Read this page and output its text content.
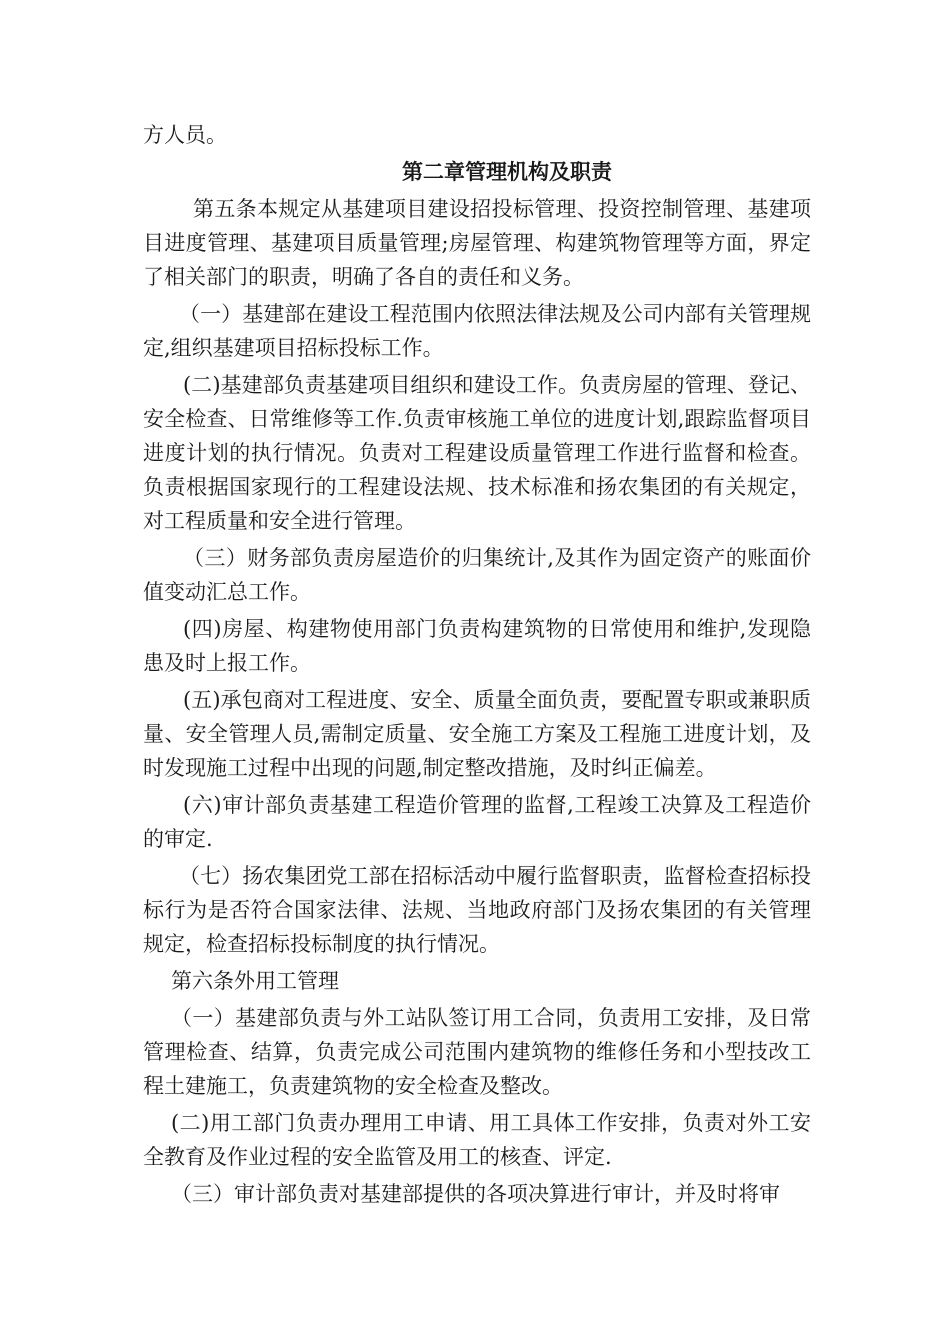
方人员。

第二章管理机构及职责

第五条本规定从基建项目建设招投标管理、投资控制管理、基建项目进度管理、基建项目质量管理;房屋管理、构建筑物管理等方面，界定了相关部门的职责，明确了各自的责任和义务。

（一）基建部在建设工程范围内依照法律法规及公司内部有关管理规定,组织基建项目招标投标工作。

(二)基建部负责基建项目组织和建设工作。负责房屋的管理、登记、安全检查、日常维修等工作.负责审核施工单位的进度计划,跟踪监督项目进度计划的执行情况。负责对工程建设质量管理工作进行监督和检查。负责根据国家现行的工程建设法规、技术标准和扬农集团的有关规定，对工程质量和安全进行管理。

（三）财务部负责房屋造价的归集统计,及其作为固定资产的账面价值变动汇总工作。

(四)房屋、构建物使用部门负责构建筑物的日常使用和维护,发现隐患及时上报工作。

(五)承包商对工程进度、安全、质量全面负责，要配置专职或兼职质量、安全管理人员,需制定质量、安全施工方案及工程施工进度计划，及时发现施工过程中出现的问题,制定整改措施，及时纠正偏差。

(六)审计部负责基建工程造价管理的监督,工程竣工决算及工程造价的审定.

（七）扬农集团党工部在招标活动中履行监督职责，监督检查招标投标行为是否符合国家法律、法规、当地政府部门及扬农集团的有关管理规定，检查招标投标制度的执行情况。

第六条外用工管理

（一）基建部负责与外工站队签订用工合同，负责用工安排，及日常管理检查、结算，负责完成公司范围内建筑物的维修任务和小型技改工程土建施工，负责建筑物的安全检查及整改。

(二)用工部门负责办理用工申请、用工具体工作安排，负责对外工安全教育及作业过程的安全监管及用工的核查、评定.

（三）审计部负责对基建部提供的各项决算进行审计，并及时将审
